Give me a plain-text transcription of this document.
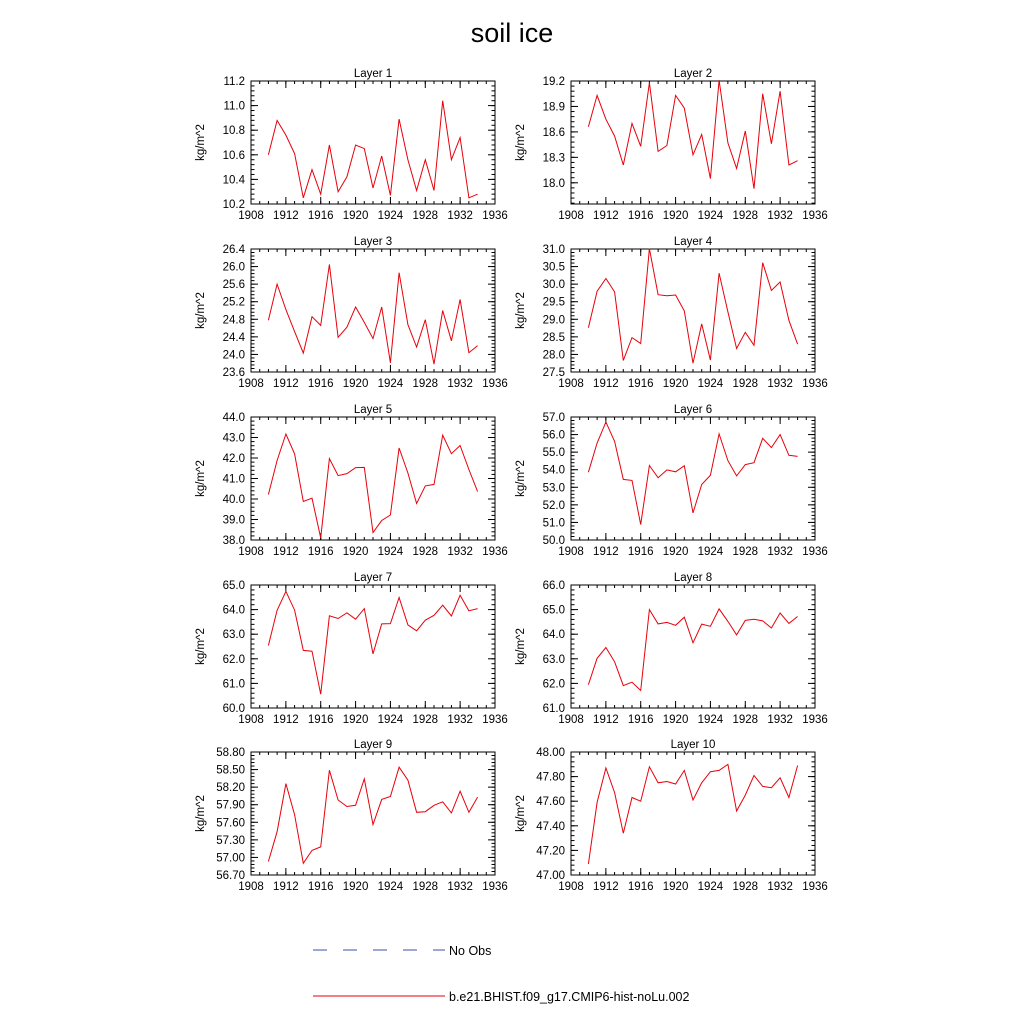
soil ice
Layer 1
1908 1912 1916 1920 1924 1928 1932 1936
10.2
10.4
10.6
10.8
11.0
11.2
kg/m^2
Layer 2
1908 1912 1916 1920 1924 1928 1932 1936
18.0
18.3
18.6
18.9
19.2
kg/m^2
Layer 3
1908 1912 1916 1920 1924 1928 1932 1936
23.6
24.0
24.4
24.8
25.2
25.6
26.0
26.4
kg/m^2
Layer 4
1908 1912 1916 1920 1924 1928 1932 1936
27.5
28.0
28.5
29.0
29.5
30.0
30.5
31.0
kg/m^2
Layer 5
1908 1912 1916 1920 1924 1928 1932 1936
38.0
39.0
40.0
41.0
42.0
43.0
44.0
kg/m^2
Layer 6
1908 1912 1916 1920 1924 1928 1932 1936
50.0
51.0
52.0
53.0
54.0
55.0
56.0
57.0
kg/m^2
Layer 7
1908 1912 1916 1920 1924 1928 1932 1936
60.0
61.0
62.0
63.0
64.0
65.0
kg/m^2
Layer 8
1908 1912 1916 1920 1924 1928 1932 1936
61.0
62.0
63.0
64.0
65.0
66.0
kg/m^2
Layer 9
1908 1912 1916 1920 1924 1928 1932 1936
56.70
57.00
57.30
57.60
57.90
58.20
58.50
58.80
kg/m^2
Layer 10
1908 1912 1916 1920 1924 1928 1932 1936
47.00
47.20
47.40
47.60
47.80
48.00
kg/m^2
No Obs
b.e21.BHIST.f09_g17.CMIP6-hist-noLu.002
